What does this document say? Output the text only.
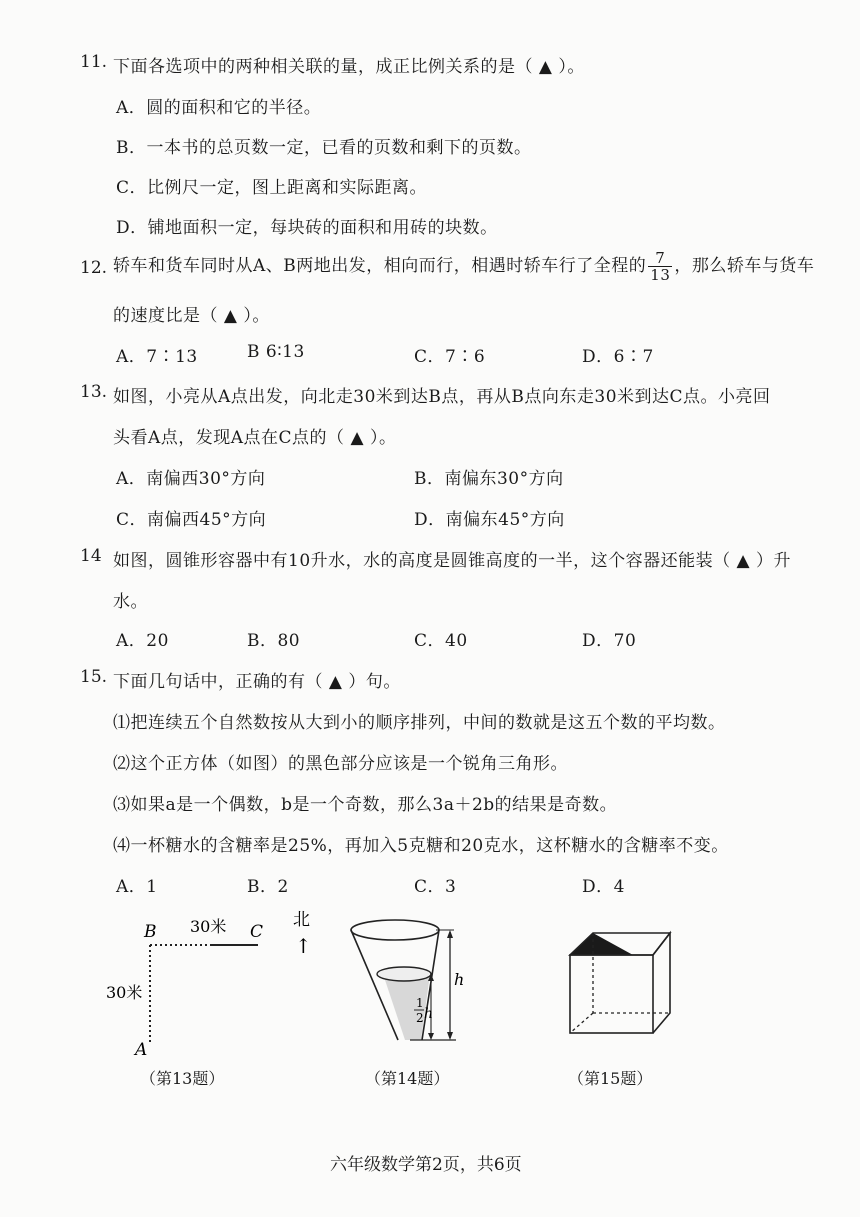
11. 下面各选项中的两种相关联的量，成正比例关系的是（ ▲ ）。
A．圆的面积和它的半径。
B．一本书的总页数一定，已看的页数和剩下的页数。
C．比例尺一定，图上距离和实际距离。
D．铺地面积一定，每块砖的面积和用砖的块数。
12. 轿车和货车同时从A、B两地出发，相向而行，相遇时轿车行了全程的 $\frac{7}{13}$ ，那么轿车与货车
的速度比是（ ▲ ）。
A．7∶13	B 6∶13	C．7∶6	D．6∶7
13. 如图，小亮从A点出发，向北走30米到达B点，再从B点向东走30米到达C点。小亮回
头看A点，发现A点在C点的（ ▲ ）。
A．南偏西30°方向	B．南偏东30°方向
C．南偏西45°方向	D．南偏东45°方向
14 如图，圆锥形容器中有10升水，水的高度是圆锥高度的一半，这个容器还能装（ ▲ ）升
水。
A．20	B．80	C．40	D．70
15. 下面几句话中，正确的有（ ▲ ）句。
⑴把连续五个自然数按从大到小的顺序排列，中间的数就是这五个数的平均数。
⑵这个正方体（如图）的黑色部分应该是一个锐角三角形。
⑶如果a是一个偶数，b是一个奇数，那么3a＋2b的结果是奇数。
⑷一杯糖水的含糖率是25%，再加入5克糖和20克水，这杯糖水的含糖率不变。
A．1	B．2	C．3	D．4
B	C
A
30米
30米
北
↑
（第13题）
h
1
2 h
（第14题）	（第15题）
六年级数学第2页，共6页
